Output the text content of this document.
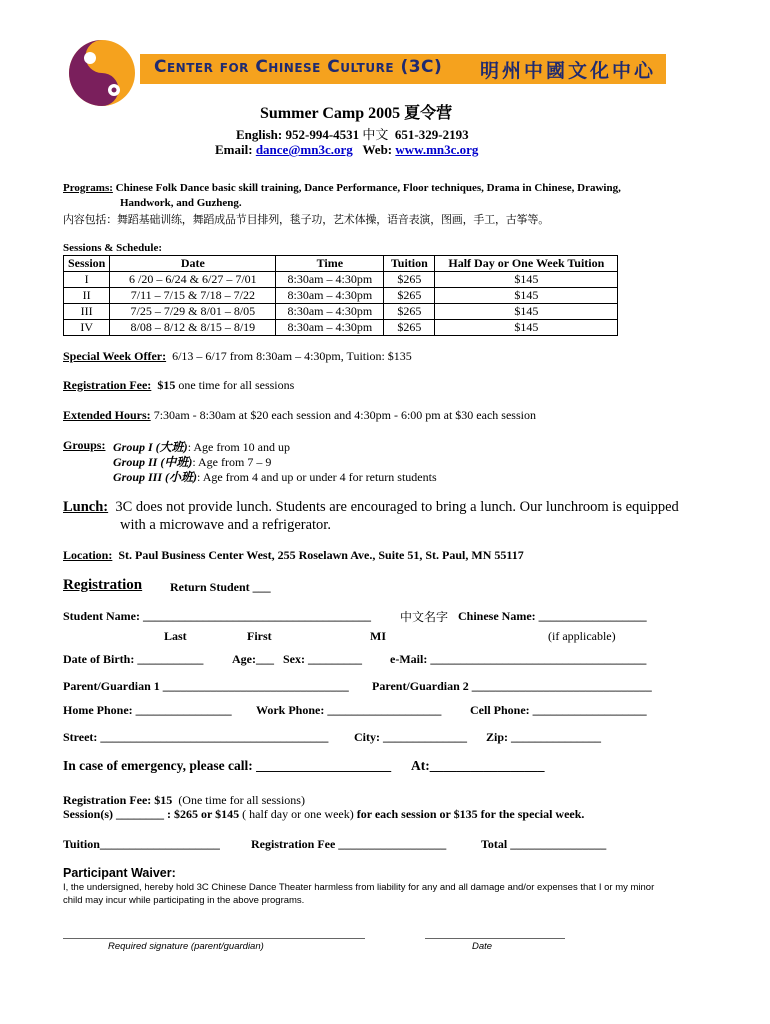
Center for Chinese Culture (3C) 明州中國文化中心
Summer Camp 2005 夏令营
English: 952-994-4531 中文 651-329-2193
Email: dance@mn3c.org Web: www.mn3c.org
Programs: Chinese Folk Dance basic skill training, Dance Performance, Floor techniques, Drama in Chinese, Drawing,
Handwork, and Guzheng.
内容包括：舞蹈基础训练，舞蹈成品节目排列，毯子功，艺术体操，语音表演，图画，手工，古筝等。
Sessions & Schedule:
Session	Date	Time	Tuition	Half Day or One Week Tuition
I	6 /20 – 6/24 & 6/27 – 7/01	8:30am – 4:30pm	$265	$145
II	7/11 – 7/15 & 7/18 – 7/22	8:30am – 4:30pm	$265	$145
III	7/25 – 7/29 & 8/01 – 8/05	8:30am – 4:30pm	$265	$145
IV	8/08 – 8/12 & 8/15 – 8/19	8:30am – 4:30pm	$265	$145
Special Week Offer: 6/13 – 6/17 from 8:30am – 4:30pm, Tuition: $135
Registration Fee: $15 one time for all sessions
Extended Hours: 7:30am - 8:30am at $20 each session and 4:30pm - 6:00 pm at $30 each session
Groups: Group I (大班): Age from 10 and up
Group II (中班): Age from 7 – 9
Group III (小班): Age from 4 and up or under 4 for return students
Lunch: 3C does not provide lunch. Students are encouraged to bring a lunch. Our lunchroom is equipped
with a microwave and a refrigerator.
Location: St. Paul Business Center West, 255 Roselawn Ave., Suite 51, St. Paul, MN 55117
Registration Return Student ___
Student Name: ______________________________________ 中文名字 Chinese Name: __________________
Last	First	MI	(if applicable)
Date of Birth: ___________ Age:___ Sex: _________ e-Mail: ____________________________________
Parent/Guardian 1 _______________________________ Parent/Guardian 2 ______________________________
Home Phone: ________________ Work Phone: ___________________ Cell Phone: ___________________
Street: ______________________________________ City: ______________ Zip: _______________
In case of emergency, please call: ____________________ At:_________________
Registration Fee: $15 (One time for all sessions)
Session(s) ________ : $265 or $145 ( half day or one week) for each session or $135 for the special week.
Tuition____________________	Registration Fee __________________	Total ________________
Participant Waiver:
I, the undersigned, hereby hold 3C Chinese Dance Theater harmless from liability for any and all damage and/or expenses that I or my minor
child may incur while participating in the above programs.
Required signature (parent/guardian)	Date
